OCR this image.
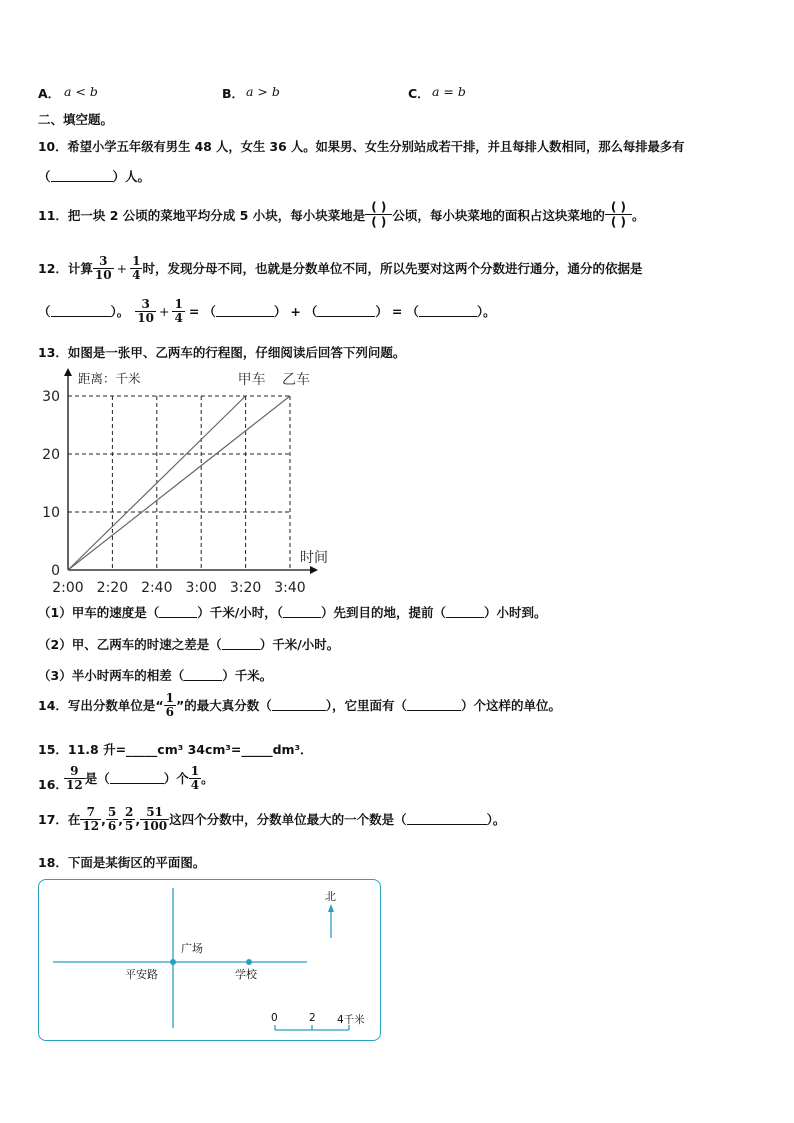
A． a < b	B． a > b	C． a = b
二、填空题。
10．希望小学五年级有男生 48 人，女生 36 人。如果男、女生分别站成若干排，并且每排人数相同，那么每排最多有
（	）人。
11．把一块 2 公顷的菜地平均分成 5 小块，每小块菜地是
( )
( ) 公顷，每小块菜地的面积占这块菜地的
( )
( ) 。
12．计算 $\frac{3}{10} + \frac{1}{4}$ 时，发现分母不同，也就是分数单位不同，所以先要对这两个分数进行通分，通分的依据是
（	）。 $\frac{3}{10} + \frac{1}{4}$ = （	） + （	） = （	）。
13．如图是一张甲、乙两车的行程图，仔细阅读后回答下列问题。
甲车 乙车
0
10
20
30
2:00 2:20 2:40 3:00 3:20 3:40
距离：千米
时间
（1）甲车的速度是（	）千米/小时，（	）先到目的地，提前（	）小时到。
（2）甲、乙两车的时速之差是（	）千米/小时。
（3）半小时两车的相差（	）千米。
14．写出分数单位是“ $\frac{1}{6}$ ”的最大真分数（	），它里面有（	）个这样的单位。
15．11.8 升=_____cm³ 34cm³=_____dm³．
$\frac{9}{12}$ 是（	）个 $\frac{1}{4}$ 。
16．
17．在 $\frac{7}{12}$ , $\frac{5}{6}$ , $\frac{2}{5}$ , $\frac{51}{100}$ 这四个分数中，分数单位最大的一个数是（	）。
18．下面是某街区的平面图。
北
广场
平安路	学校
0	2 4千米
